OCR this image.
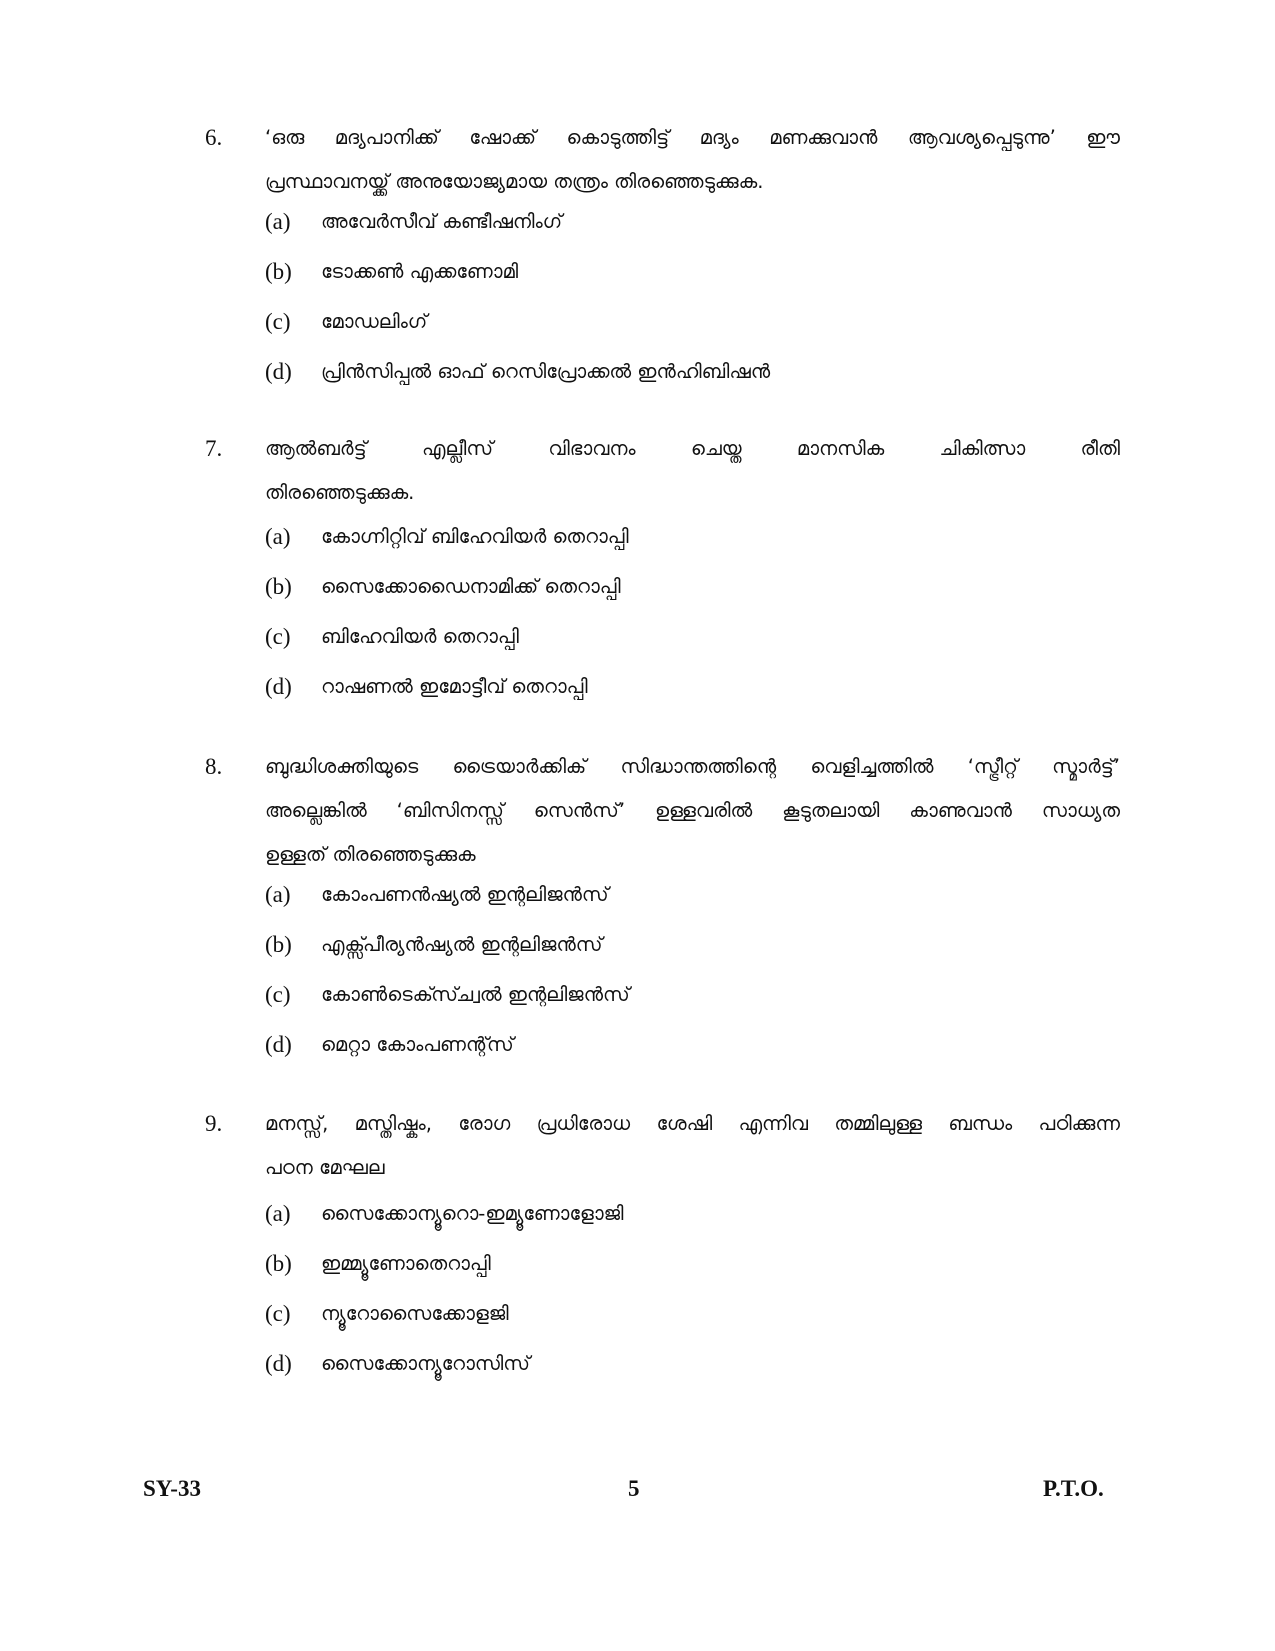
6. ‘ഒരു മദ്യപാനിക്ക് ഷോക്ക് കൊടുത്തിട്ട് മദ്യം മണക്കുവാൻ ആവശ്യപ്പെടുന്നു’ ഈ
പ്രസ്ഥാവനയ്ക്ക് അനുയോജ്യമായ തന്ത്രം തിരഞ്ഞെടുക്കുക.
(a) അവേർസീവ് കണ്ടീഷനിംഗ്
(b) ടോക്കൺ എക്കണോമി
(c) മോഡലിംഗ്
(d) പ്രിൻസിപ്പൽ ഓഫ് റെസിപ്രോക്കൽ ഇൻഹിബിഷൻ
7. ആൽബർട്ട് എല്ലീസ് വിഭാവനം ചെയ്ത മാനസിക ചികിത്സാ രീതി
തിരഞ്ഞെടുക്കുക.
(a) കോഗ്നിറ്റിവ് ബിഹേവിയർ തെറാപ്പി
(b) സൈക്കോഡൈനാമിക്ക് തെറാപ്പി
(c) ബിഹേവിയർ തെറാപ്പി
(d) റാഷണൽ ഇമോട്ടീവ് തെറാപ്പി
8. ബുദ്ധിശക്തിയുടെ ട്രൈയാർക്കിക് സിദ്ധാന്തത്തിന്റെ വെളിച്ചത്തിൽ ‘സ്ട്രീറ്റ് സ്മാർട്ട്’
അല്ലെങ്കിൽ ‘ബിസിനസ്സ് സെൻസ്’ ഉള്ളവരിൽ കൂടുതലായി കാണുവാൻ സാധ്യത
ഉള്ളത് തിരഞ്ഞെടുക്കുക
(a) കോംപണൻഷ്യൽ ഇന്റലിജൻസ്
(b) എക്സ്പീര്യൻഷ്യൽ ഇന്റലിജൻസ്
(c) കോൺടെക്സ്ച്വൽ ഇന്റലിജൻസ്
(d) മെറ്റാ കോംപണന്റ്സ്
9. മനസ്സ്, മസ്തിഷ്കം, രോഗ പ്രധിരോധ ശേഷി എന്നിവ തമ്മിലുള്ള ബന്ധം പഠിക്കുന്ന
പഠന മേഘല
(a) സൈക്കോന്യൂറൊ-ഇമ്യൂണോളോജി
(b) ഇമ്മ്യൂണോതെറാപ്പി
(c) ന്യൂറോസൈക്കോളജി
(d) സൈക്കോന്യൂറോസിസ്
SY-33	5	P.T.O.
